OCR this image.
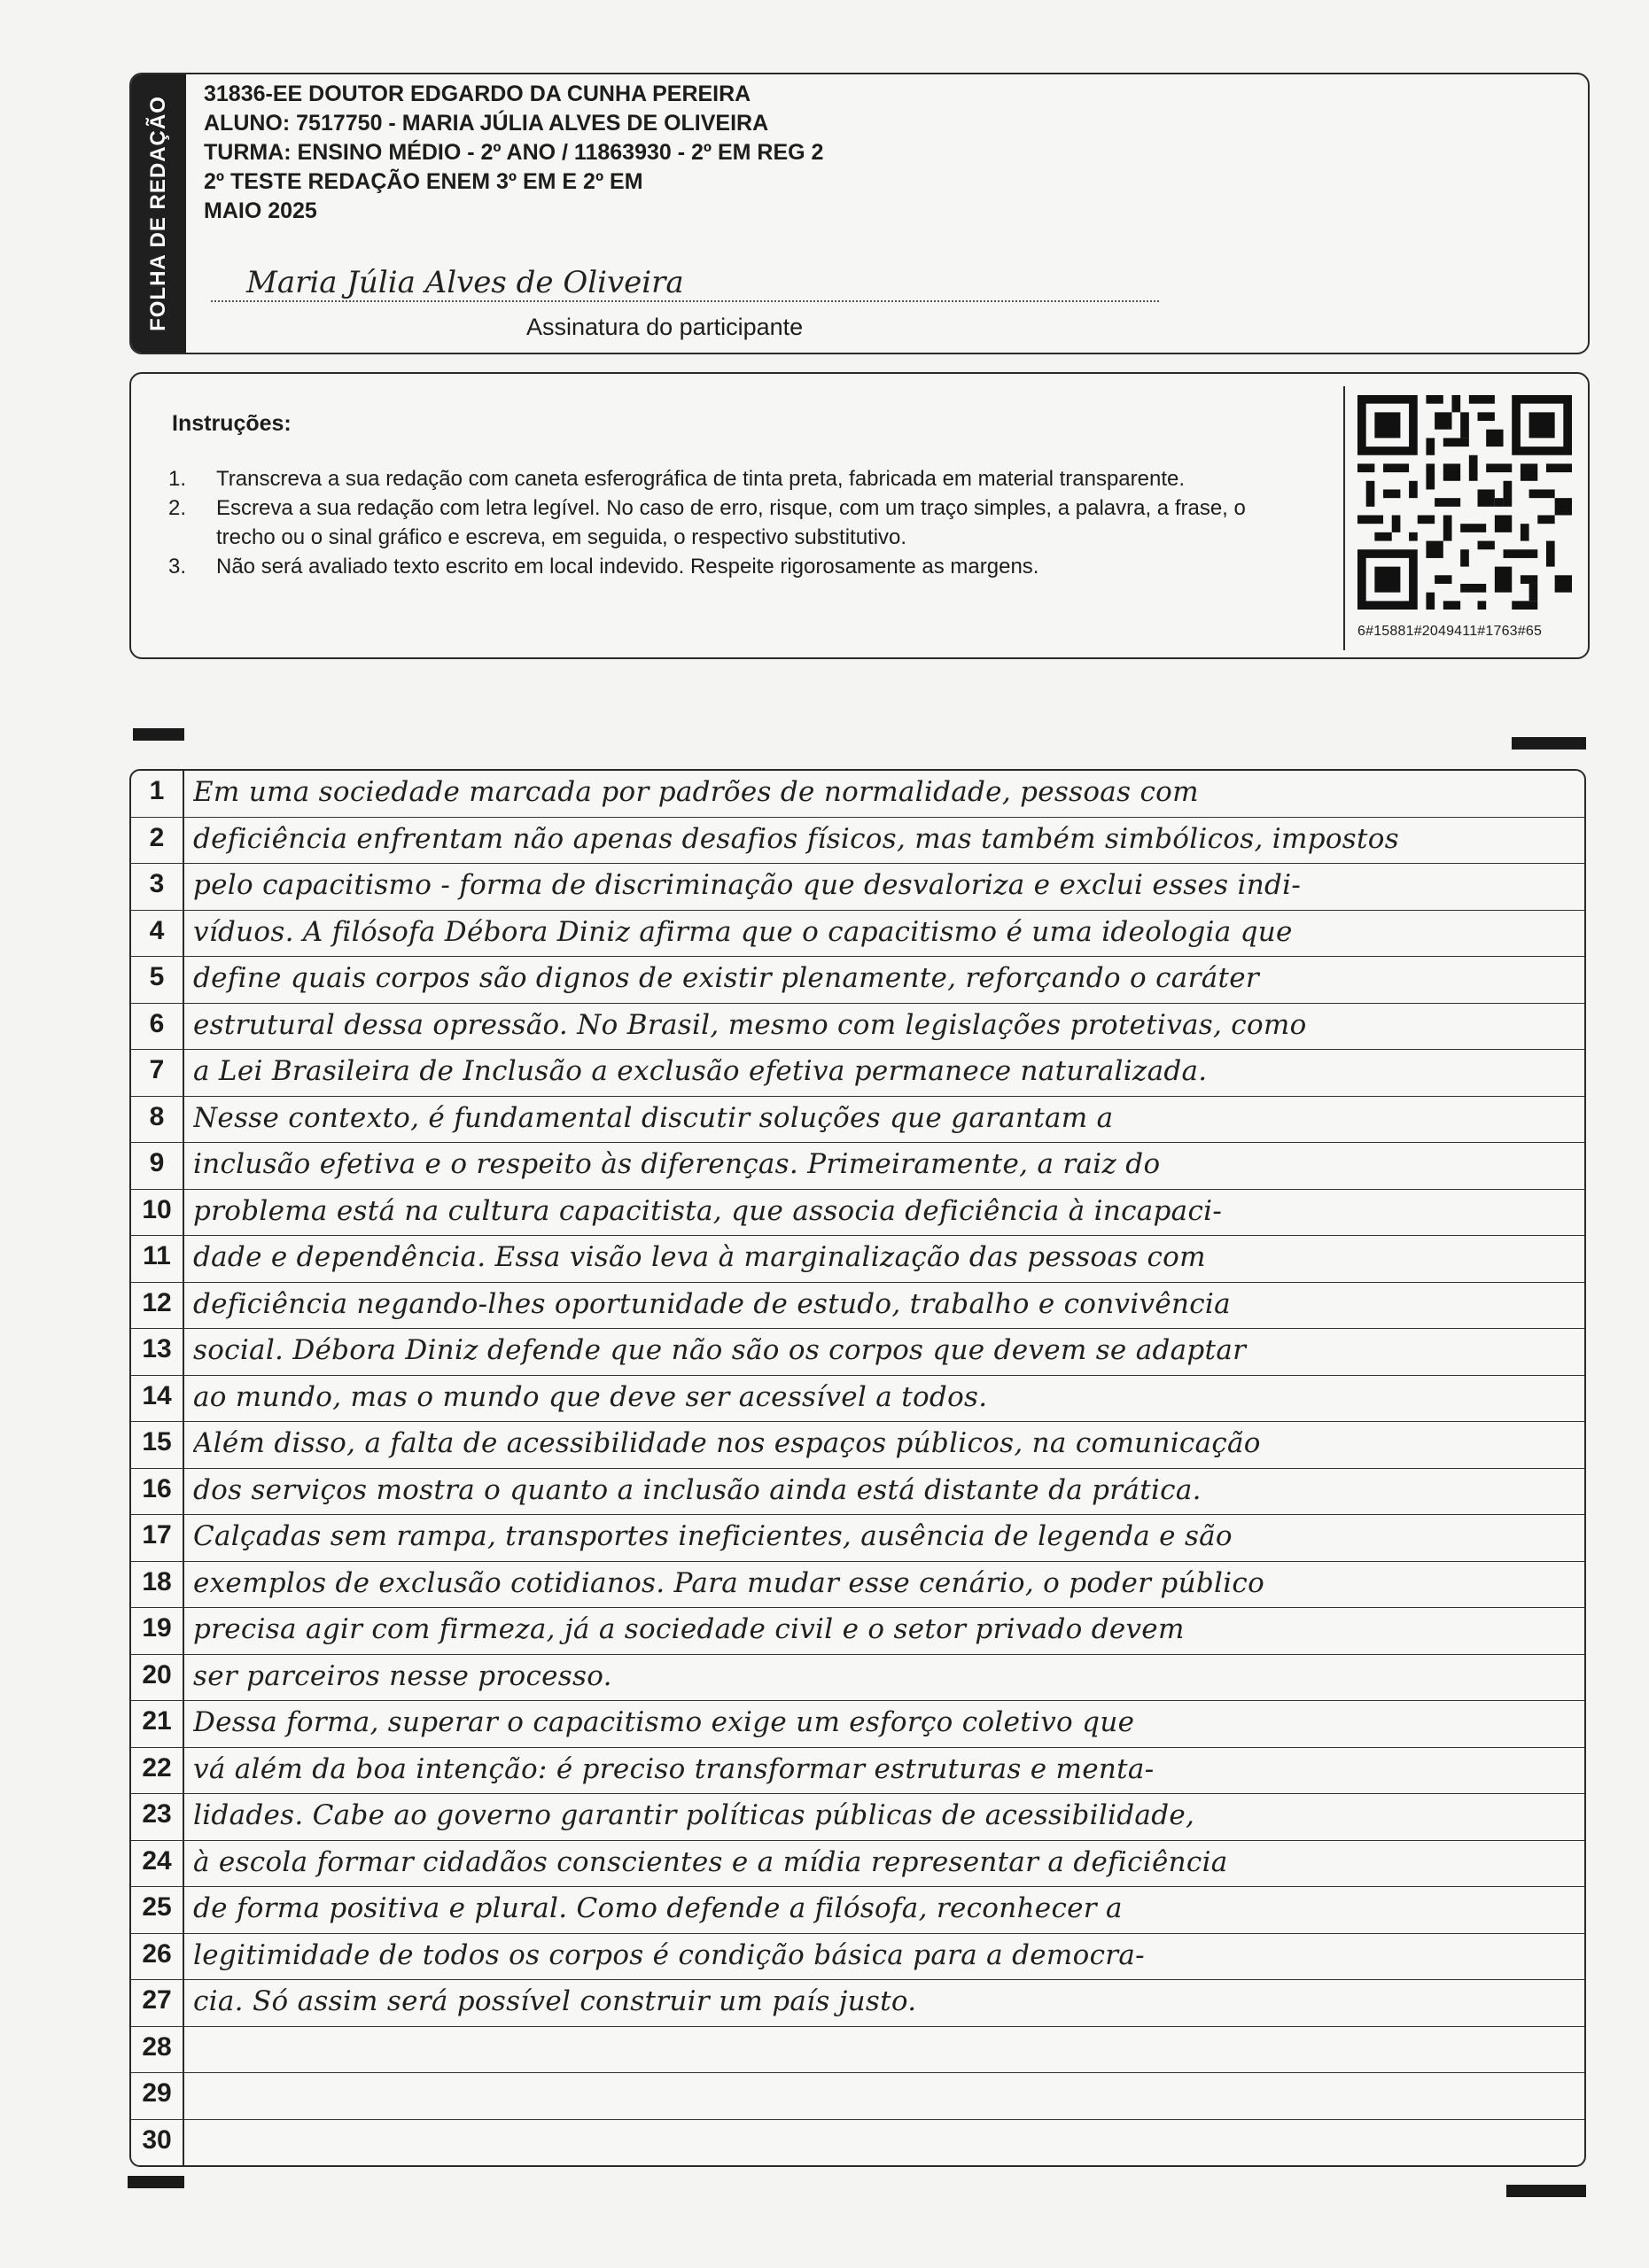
FOLHA DE REDAÇÃO
31836-EE DOUTOR EDGARDO DA CUNHA PEREIRA
ALUNO: 7517750 - MARIA JÚLIA ALVES DE OLIVEIRA
TURMA: ENSINO MÉDIO - 2º ANO / 11863930 - 2º EM REG 2
2º TESTE REDAÇÃO ENEM 3º EM E 2º EM
MAIO 2025
Maria Júlia Alves de Oliveira
Assinatura do participante
Instruções:
1.	Transcreva a sua redação com caneta esferográfica de tinta preta, fabricada em material transparente.
2.	Escreva a sua redação com letra legível. No caso de erro, risque, com um traço simples, a palavra, a frase, o trecho ou o sinal gráfico e escreva, em seguida, o respectivo substitutivo.
3.	Não será avaliado texto escrito em local indevido. Respeite rigorosamente as margens.
6#15881#2049411#1763#65
1	Em uma sociedade marcada por padrões de normalidade, pessoas com
2	deficiência enfrentam não apenas desafios físicos, mas também simbólicos, impostos
3	pelo capacitismo - forma de discriminação que desvaloriza e exclui esses indi-
4	víduos. A filósofa Débora Diniz afirma que o capacitismo é uma ideologia que
5	define quais corpos são dignos de existir plenamente, reforçando o caráter
6	estrutural dessa opressão. No Brasil, mesmo com legislações protetivas, como
7	a Lei Brasileira de Inclusão a exclusão efetiva permanece naturalizada.
8	Nesse contexto, é fundamental discutir soluções que garantam a
9	inclusão efetiva e o respeito às diferenças. Primeiramente, a raiz do
10 problema está na cultura capacitista, que associa deficiência à incapaci-
11 dade e dependência. Essa visão leva à marginalização das pessoas com
12 deficiência negando-lhes oportunidade de estudo, trabalho e convivência
13 social. Débora Diniz defende que não são os corpos que devem se adaptar
14 ao mundo, mas o mundo que deve ser acessível a todos.
15 Além disso, a falta de acessibilidade nos espaços públicos, na comunicação
16 dos serviços mostra o quanto a inclusão ainda está distante da prática.
17 Calçadas sem rampa, transportes ineficientes, ausência de legenda e são
18 exemplos de exclusão cotidianos. Para mudar esse cenário, o poder público
19 precisa agir com firmeza, já a sociedade civil e o setor privado devem
20 ser parceiros nesse processo.
21 Dessa forma, superar o capacitismo exige um esforço coletivo que
22 vá além da boa intenção: é preciso transformar estruturas e menta-
23 lidades. Cabe ao governo garantir políticas públicas de acessibilidade,
24 à escola formar cidadãos conscientes e a mídia representar a deficiência
25 de forma positiva e plural. Como defende a filósofa, reconhecer a
26 legitimidade de todos os corpos é condição básica para a democra-
27 cia. Só assim será possível construir um país justo.
28
29
30
